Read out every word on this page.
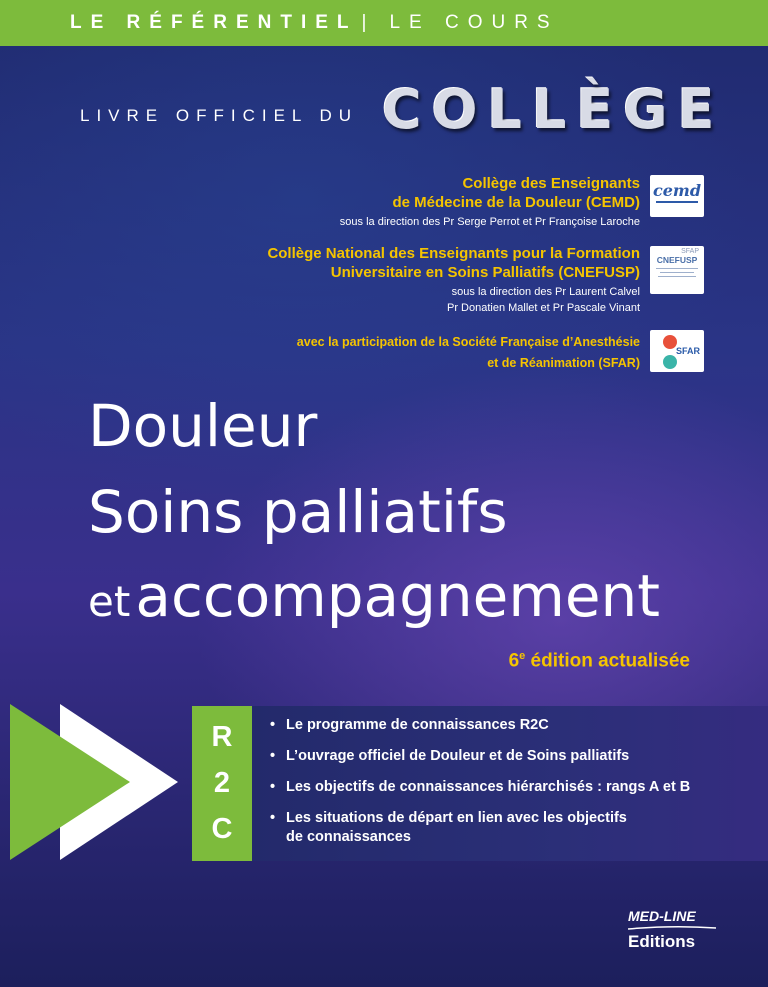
LE RÉFÉRENTIEL | LE COURS
LIVRE OFFICIEL DU COLLÈGE
Collège des Enseignants
de Médecine de la Douleur (CEMD)
sous la direction des Pr Serge Perrot et Pr Françoise Laroche
cemd
Collège National des Enseignants pour la Formation
Universitaire en Soins Palliatifs (CNEFUSP)
sous la direction des Pr Laurent Calvel
Pr Donatien Mallet et Pr Pascale Vinant
SFAP
CNEFUSP
avec la participation de la Société Française d’Anesthésie
et de Réanimation (SFAR)
SFAR
Douleur
Soins palliatifs
et accompagnement
6e édition actualisée
R
2
C
• Le programme de connaissances R2C
• L’ouvrage officiel de Douleur et de Soins palliatifs
• Les objectifs de connaissances hiérarchisés : rangs A et B
• Les situations de départ en lien avec les objectifs
de connaissances
MED-LINE
Editions
